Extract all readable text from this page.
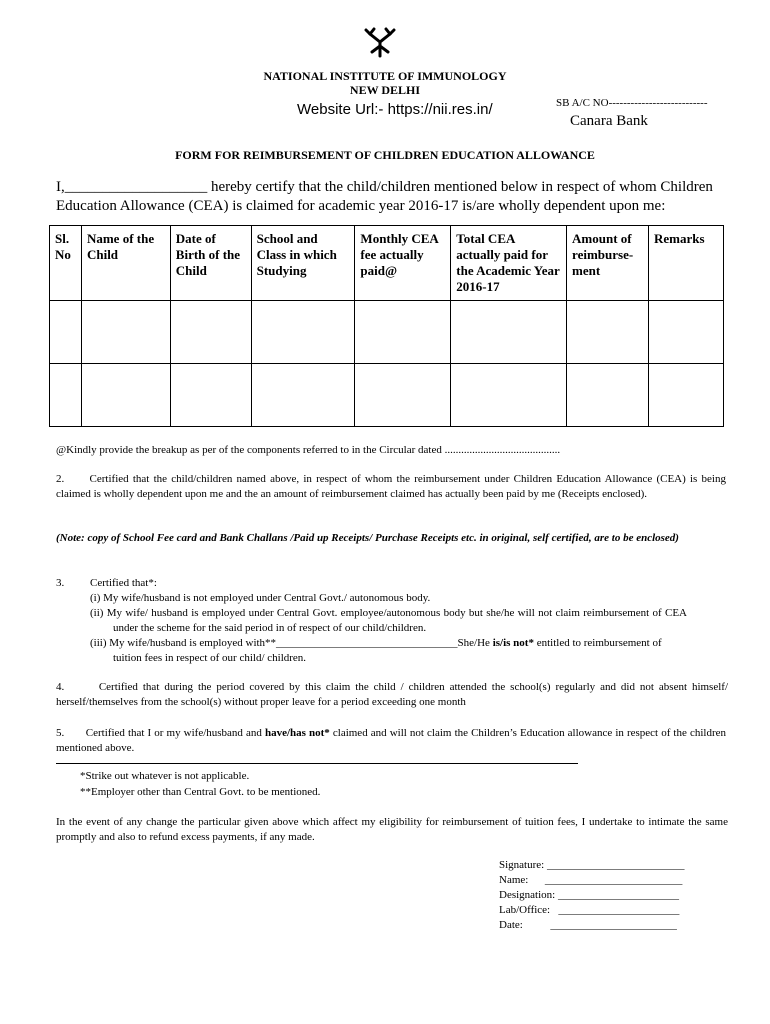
NATIONAL INSTITUTE OF IMMUNOLOGY
NEW DELHI
Website Url:- https://nii.res.in/	SB A/C NO---------------------------
Canara Bank
FORM FOR REIMBURSEMENT OF CHILDREN EDUCATION ALLOWANCE
I,___________________ hereby certify that the child/children mentioned below in respect of whom Children Education Allowance (CEA) is claimed for academic year 2016-17 is/are wholly dependent upon me:
Sl. No	Name of the Child	Date of Birth of the Child	School and Class in which Studying	Monthly CEA fee actually paid@	Total CEA actually paid for the Academic Year 2016-17	Amount of reimburse-ment	Remarks

@Kindly provide the breakup as per of the components referred to in the Circular dated ..........................................
2.      Certified that the child/children named above, in respect of whom the reimbursement under Children Education Allowance (CEA) is being claimed is wholly dependent upon me and the an amount of reimbursement claimed has actually been paid by me (Receipts enclosed).
(Note: copy of School Fee card and Bank Challans /Paid up Receipts/ Purchase Receipts etc. in original, self certified, are to be enclosed)
3.	Certified that*:
(i) My wife/husband is not employed under Central Govt./ autonomous body.
(ii) My wife/ husband is employed under Central Govt. employee/autonomous body but she/he will not claim reimbursement of CEA under the scheme for the said period in of respect of our child/children.
(iii) My wife/husband is employed with**_________________________________She/He is/is not* entitled to reimbursement of tuition fees in respect of our child/ children.
4.       Certified that during the period covered by this claim the child / children attended the school(s) regularly and did not absent himself/ herself/themselves from the school(s) without proper leave for a period exceeding one month
5.       Certified that I or my wife/husband and have/has not* claimed and will not claim the Children’s Education allowance in respect of the children mentioned above.
*Strike out whatever is not applicable.
**Employer other than Central Govt. to be mentioned.
In the event of any change the particular given above which affect my eligibility for reimbursement of tuition fees, I undertake to intimate the same promptly and also to refund excess payments, if any made.
Signature: _________________________
Name:      _________________________
Designation: ______________________
Lab/Office:   ______________________
Date:          _______________________
